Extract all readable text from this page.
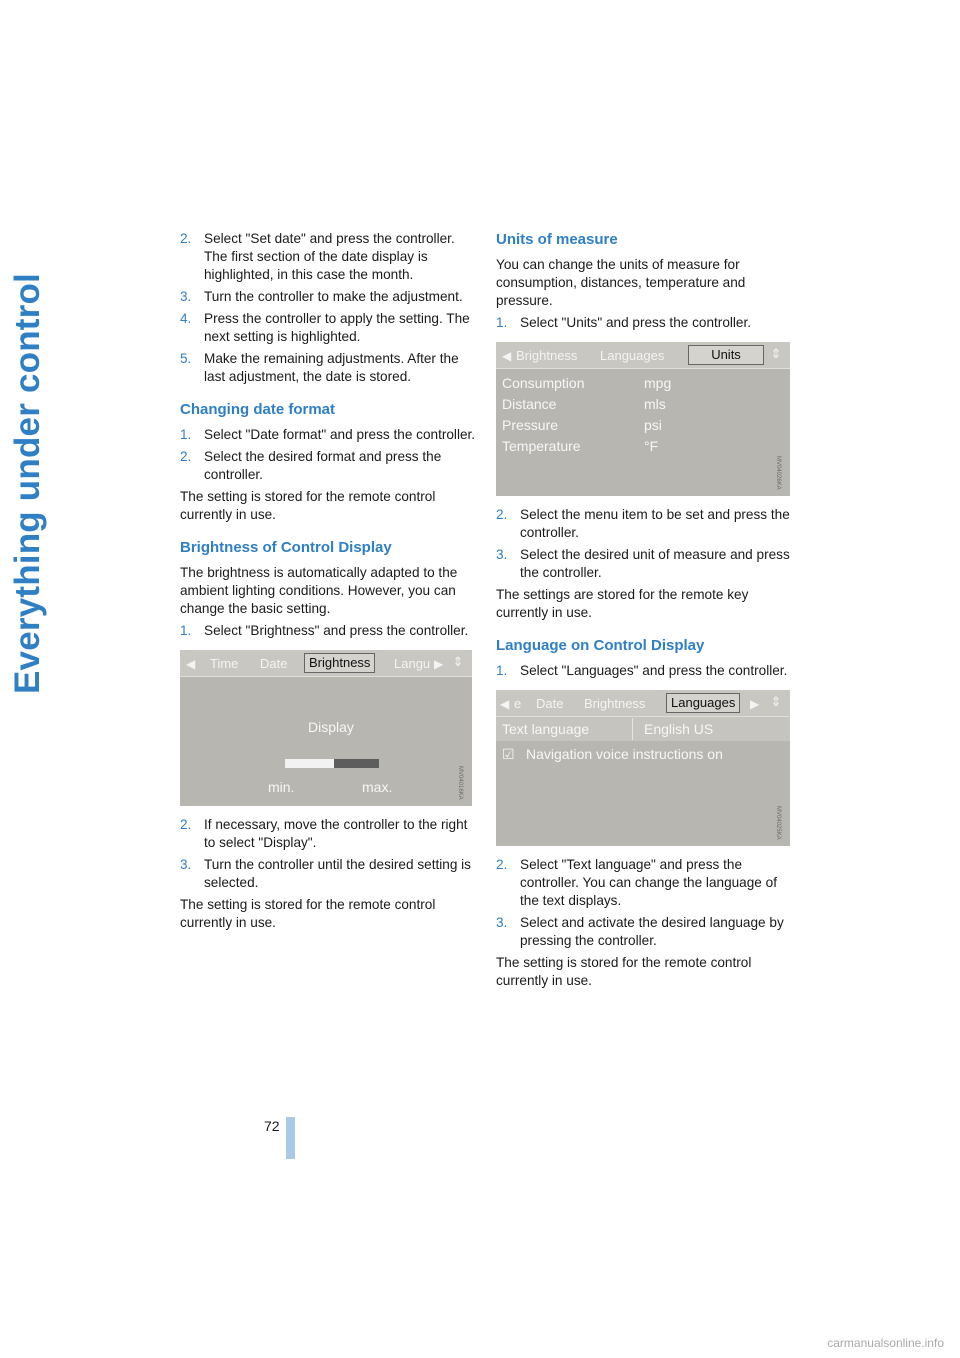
Everything under control
2. Select "Set date" and press the controller. The first section of the date display is highlighted, in this case the month.
3. Turn the controller to make the adjustment.
4. Press the controller to apply the setting. The next setting is highlighted.
5. Make the remaining adjustments. After the last adjustment, the date is stored.
Changing date format
1. Select "Date format" and press the controller.
2. Select the desired format and press the controller.

The setting is stored for the remote control currently in use.

Brightness of Control Display

The brightness is automatically adapted to the ambient lighting conditions. However, you can change the basic setting.

1. Select "Brightness" and press the controller.
◀ Time Date	Brightness	Langu ▶ ⇕
Display
min.	max.	MV04016KA
2. If necessary, move the controller to the right to select "Display".
3. Turn the controller until the desired setting is selected.

The setting is stored for the remote control currently in use.

Units of measure

You can change the units of measure for consumption, distances, temperature and pressure.

1. Select "Units" and press the controller.
◀ Brightness Languages	Units	⇕
Consumption	mpg
Distance	mls
Pressure	psi
Temperature	°F
MV04026KA
2. Select the menu item to be set and press the controller.
3. Select the desired unit of measure and press the controller.

The settings are stored for the remote key currently in use.

Language on Control Display
1. Select "Languages" and press the controller.
◀ e Date Brightness	Languages	▶ ⇕
Text language	English US
☑ Navigation voice instructions on
MV04025KA
2. Select "Text language" and press the controller. You can change the language of the text displays.
3. Select and activate the desired language by pressing the controller.

The setting is stored for the remote control currently in use.

72
carmanualsonline.info
